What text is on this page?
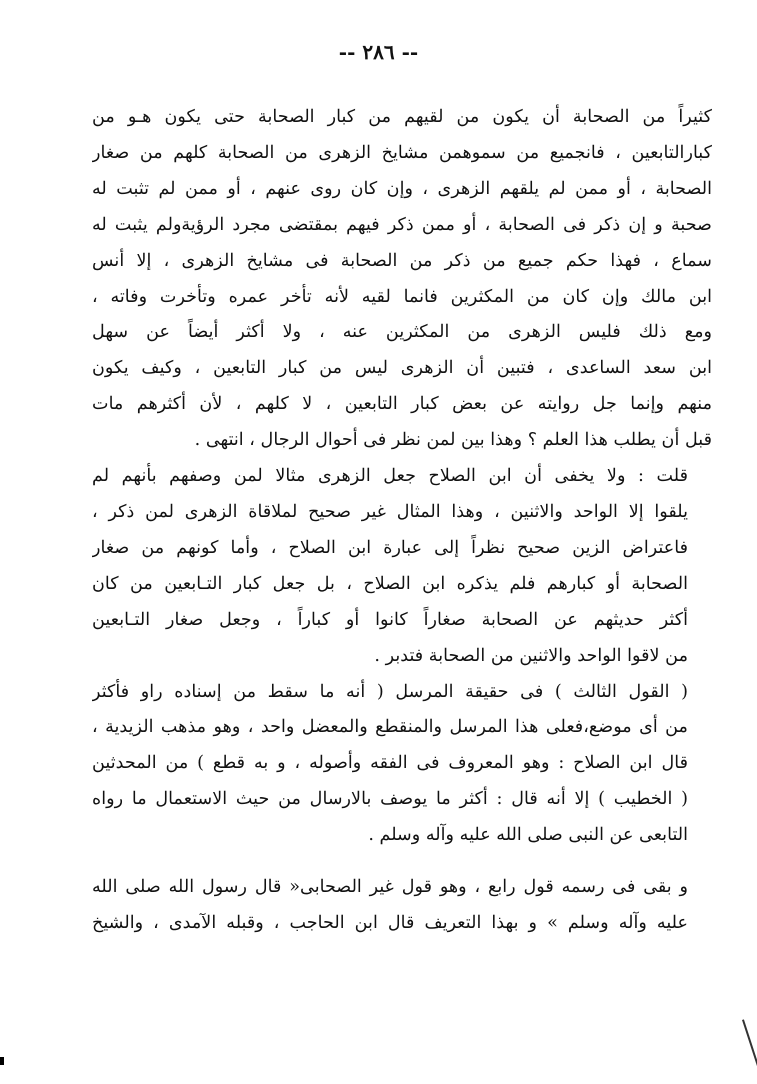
-- ٢٨٦ --

كثيراً من الصحابة أن يكون من لقيهم من كبار الصحابة حتى يكون هـو من
كبارالتابعين ، فانجميع من سموهمن مشايخ الزهرى من الصحابة كلهم من صغار
الصحابة ، أو ممن لم يلقهم الزهرى ، وإن كان روى عنهم ، أو ممن لم تثبت له
صحبة و إن ذكر فى الصحابة ، أو ممن ذكر فيهم بمقتضى مجرد الرؤيةولم يثبت له
سماع ، فهذا حكم جميع من ذكر من الصحابة فى مشايخ الزهرى ، إلا أنس
ابن مالك وإن كان من المكثرين فانما لقيه لأنه تأخر عمره وتأخرت وفاته ،
ومع ذلك فليس الزهرى من المكثرين عنه ، ولا أكثر أيضاً عن سهل
ابن سعد الساعدى ، فتبين أن الزهرى ليس من كبار التابعين ، وكيف يكون
منهم وإنما جل روايته عن بعض كبار التابعين ، لا كلهم ، لأن أكثرهم مات
قبل أن يطلب هذا العلم ؟ وهذا بين لمن نظر فى أحوال الرجال ، انتهى .

قلت : ولا يخفى أن ابن الصلاح جعل الزهرى مثالا لمن وصفهم بأنهم لم
يلقوا إلا الواحد والاثنين ، وهذا المثال غير صحيح لملاقاة الزهرى لمن ذكر ،
فاعتراض الزين صحيح نظراً إلى عبارة ابن الصلاح ، وأما كونهم من صغار
الصحابة أو كبارهم فلم يذكره ابن الصلاح ، بل جعل كبار التـابعين من كان
أكثر حديثهم عن الصحابة صغاراً كانوا أو كباراً ، وجعل صغار التـابعين
من لاقوا الواحد والاثنين من الصحابة فتدبر .

( القول الثالث ) فى حقيقة المرسل ( أنه ما سقط من إسناده راو فأكثر
من أى موضع،فعلى هذا المرسل والمنقطع والمعضل واحد ، وهو مذهب الزيدية ،
قال ابن الصلاح : وهو المعروف فى الفقه وأصوله ، و به قطع ) من المحدثين
( الخطيب ) إلا أنه قال : أكثر ما يوصف بالارسال من حيث الاستعمال ما رواه
التابعى عن النبى صلى الله عليه وآله وسلم .

و بقى فى رسمه قول رابع ، وهو قول غير الصحابى« قال رسول الله صلى الله
عليه وآله وسلم » و بهذا التعريف قال ابن الحاجب ، وقبله الآمدى ، والشيخ
